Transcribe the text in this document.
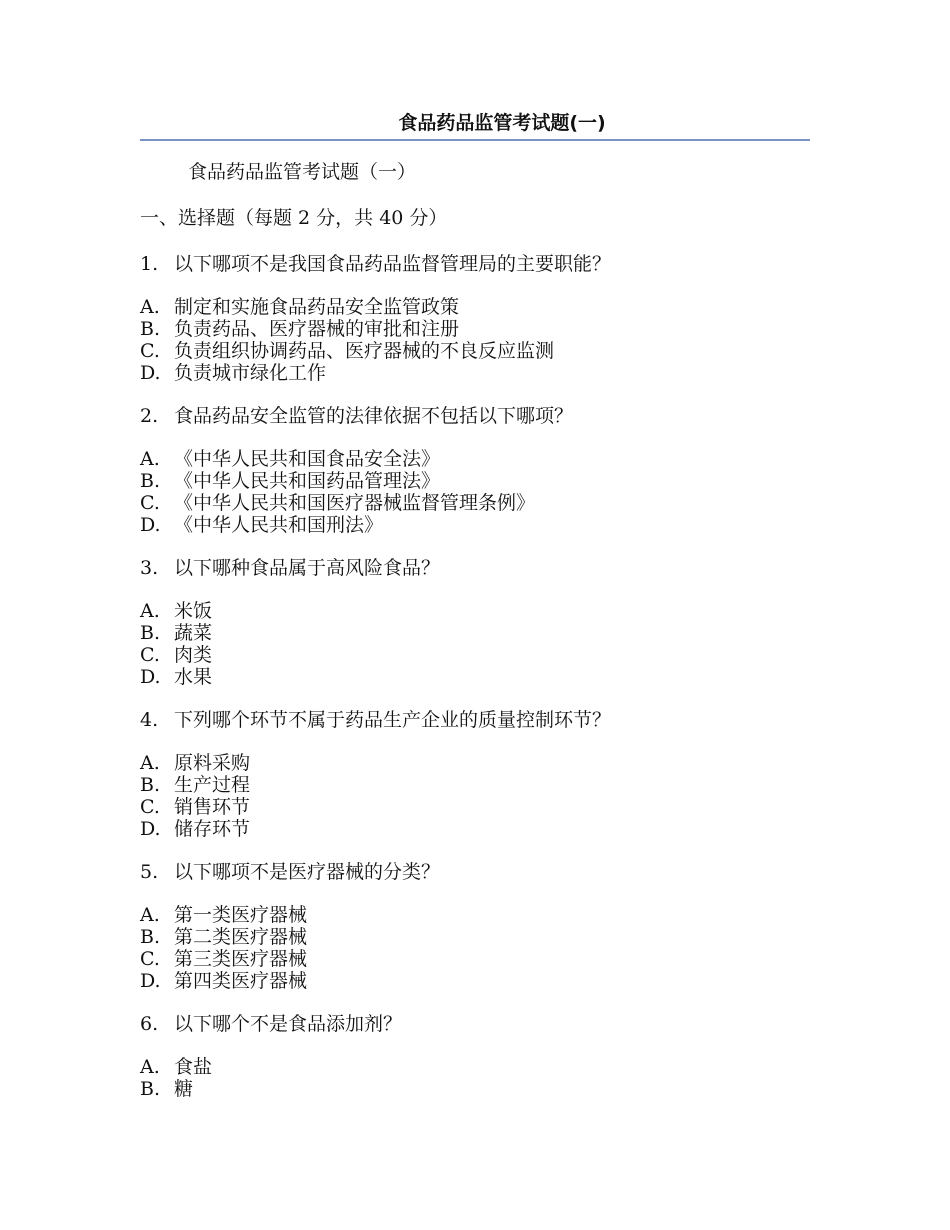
食品药品监管考试题(一)
食品药品监管考试题（一）
一、选择题（每题 2 分，共 40 分）
1. 以下哪项不是我国食品药品监督管理局的主要职能？
A. 制定和实施食品药品安全监管政策
B. 负责药品、医疗器械的审批和注册
C. 负责组织协调药品、医疗器械的不良反应监测
D. 负责城市绿化工作
2. 食品药品安全监管的法律依据不包括以下哪项？
A. 《中华人民共和国食品安全法》
B. 《中华人民共和国药品管理法》
C. 《中华人民共和国医疗器械监督管理条例》
D. 《中华人民共和国刑法》
3. 以下哪种食品属于高风险食品？
A. 米饭
B. 蔬菜
C. 肉类
D. 水果
4. 下列哪个环节不属于药品生产企业的质量控制环节？
A. 原料采购
B. 生产过程
C. 销售环节
D. 储存环节
5. 以下哪项不是医疗器械的分类？
A. 第一类医疗器械
B. 第二类医疗器械
C. 第三类医疗器械
D. 第四类医疗器械
6. 以下哪个不是食品添加剂？
A. 食盐
B. 糖
